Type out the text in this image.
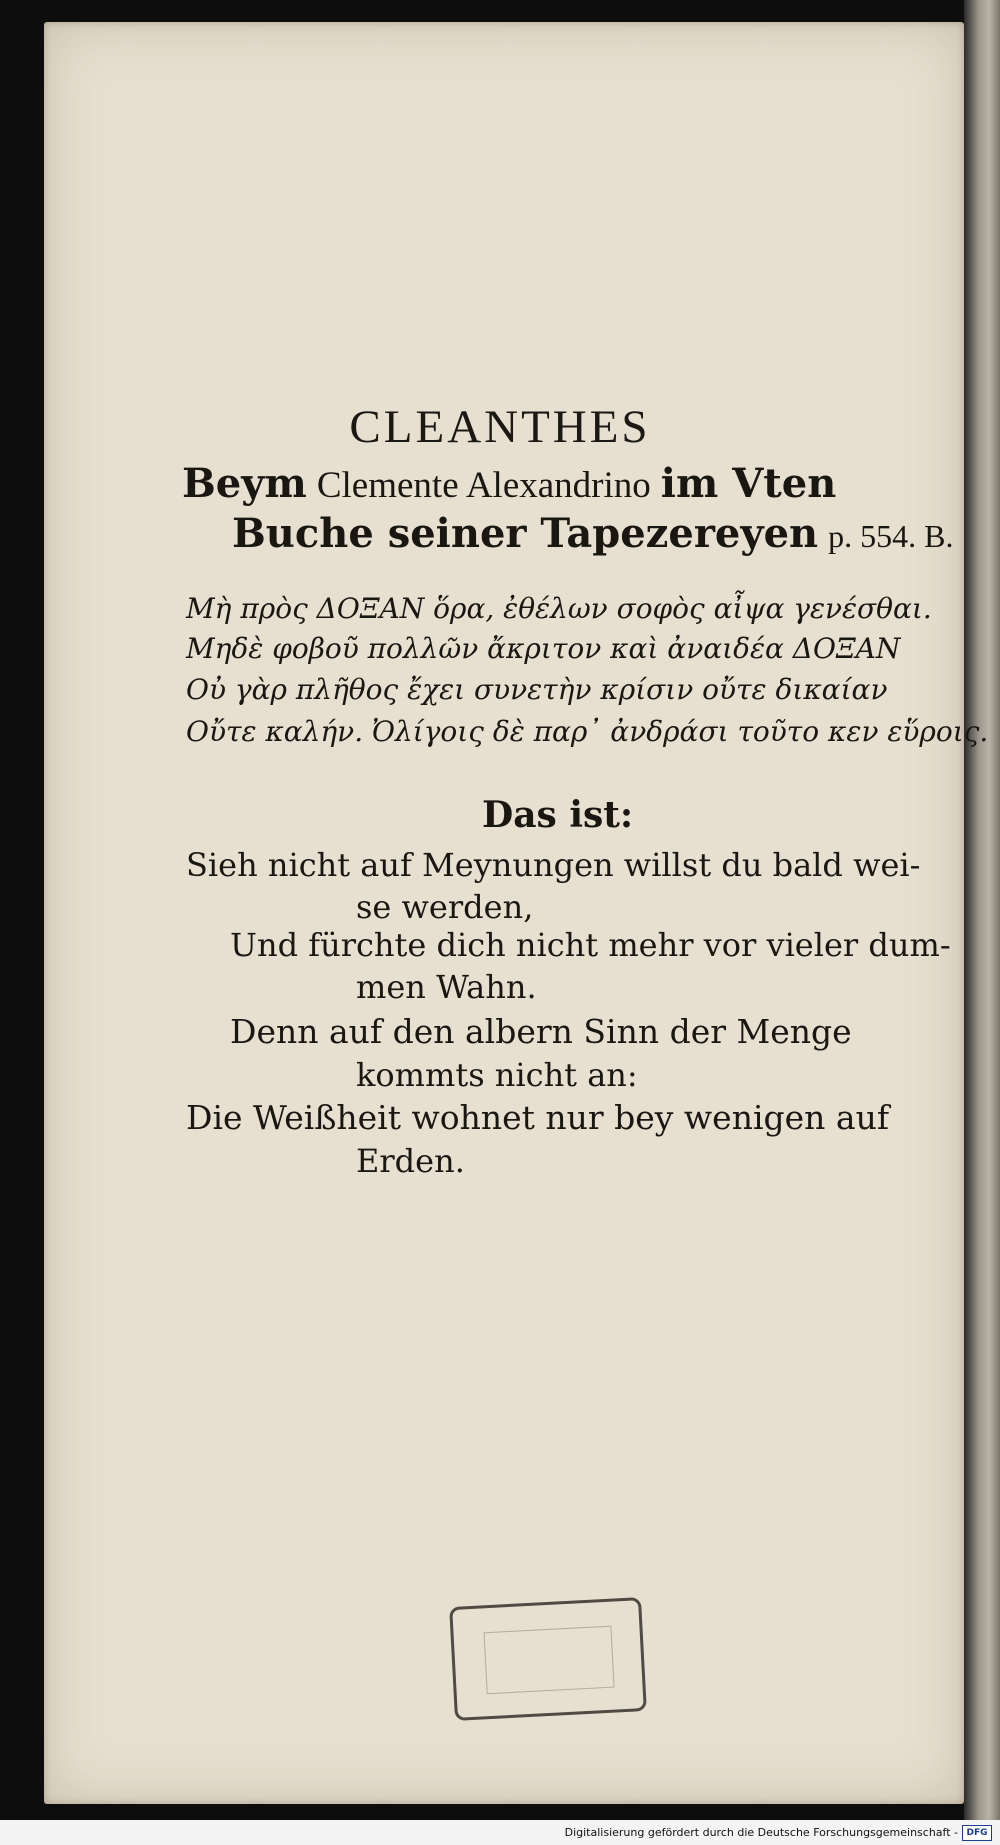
CLEANTHES
Beym Clemente Alexandrino im Vten
Buche seiner Tapezereyen p. 554. B.
Μὴ πρὸς ΔΟΞΑΝ ὅρα, ἐθέλων σοφὸς αἶψα γενέσθαι.
Μηδὲ φοβοῦ πολλῶν ἄκριτον καὶ ἀναιδέα ΔΟΞΑΝ
Οὐ γὰρ πλῆθος ἔχει συνετὴν κρίσιν οὔτε δικαίαν
Οὔτε καλήν. Ὀλίγοις δὲ παρ᾽ ἀνδράσι τοῦτο κεν εὕροις.
Das ist:
Sieh nicht auf Meynungen willst du bald wei-
se werden,
Und fürchte dich nicht mehr vor vieler dum-
men Wahn.
Denn auf den albern Sinn der Menge
kommts nicht an:
Die Weißheit wohnet nur bey wenigen auf
Erden.
Digitalisierung gefördert durch die Deutsche Forschungsgemeinschaft - DFG
